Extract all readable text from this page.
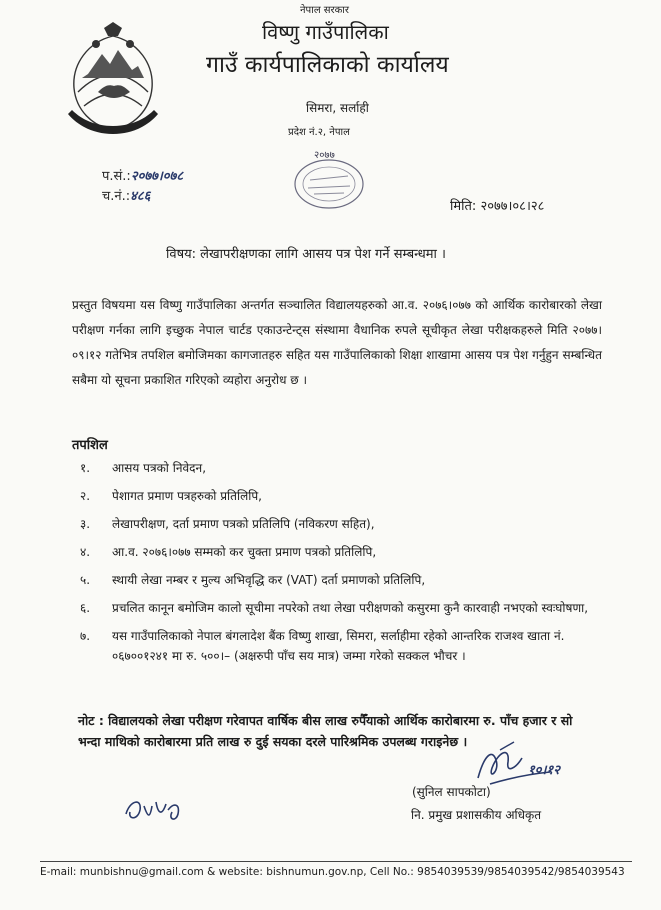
नेपाल सरकार
विष्णु गाउँपालिका
गाउँ कार्यपालिकाको कार्यालय
सिमरा, सर्लाही
प्रदेश नं.२, नेपाल
२०७७
प.सं.:२०७७।०७८
च.नं.:४८६
मिति: २०७७।०८।२८
विषय: लेखापरीक्षणका लागि आसय पत्र पेश गर्ने सम्बन्धमा ।
प्रस्तुत विषयमा यस विष्णु गाउँपालिका अन्तर्गत सञ्चालित विद्यालयहरुको आ.व. २०७६।०७७ को आर्थिक कारोबारको लेखा परीक्षण गर्नका लागि इच्छुक नेपाल चार्टड एकाउन्टेन्ट्स संस्थामा वैधानिक रुपले सूचीकृत लेखा परीक्षकहरुले मिति २०७७।०९।१२ गतेभित्र तपशिल बमोजिमका कागजातहरु सहित यस गाउँपालिकाको शिक्षा शाखामा आसय पत्र पेश गर्नुहुन सम्बन्धित सबैमा यो सूचना प्रकाशित गरिएको व्यहोरा अनुरोध छ ।
तपशिल
१. आसय पत्रको निवेदन,
२. पेशागत प्रमाण पत्रहरुको प्रतिलिपि,
३. लेखापरीक्षण, दर्ता प्रमाण पत्रको प्रतिलिपि (नविकरण सहित),
४. आ.व. २०७६।०७७ सम्मको कर चुक्ता प्रमाण पत्रको प्रतिलिपि,
५. स्थायी लेखा नम्बर र मुल्य अभिवृद्धि कर (VAT) दर्ता प्रमाणको प्रतिलिपि,
६. प्रचलित कानून बमोजिम कालो सूचीमा नपरेको तथा लेखा परीक्षणको कसुरमा कुनै कारवाही नभएको स्वःघोषणा,
७. यस गाउँपालिकाको नेपाल बंगलादेश बैंक विष्णु शाखा, सिमरा, सर्लाहीमा रहेको आन्तरिक राजश्व खाता नं. ०६७००१२४१ मा रु. ५००।– (अक्षरुपी पाँच सय मात्र) जम्मा गरेको सक्कल भौचर ।
नोट : विद्यालयको लेखा परीक्षण गरेवापत वार्षिक बीस लाख रुपैँयाको आर्थिक कारोबारमा रु. पाँच हजार र सो भन्दा माथिको कारोबारमा प्रति लाख रु दुई सयका दरले पारिश्रमिक उपलब्ध गराइनेछ ।
१०।१२
(सुनिल सापकोटा)
नि. प्रमुख प्रशासकीय अधिकृत
E-mail: munbishnu@gmail.com & website: bishnumun.gov.np, Cell No.: 9854039539/9854039542/9854039543
